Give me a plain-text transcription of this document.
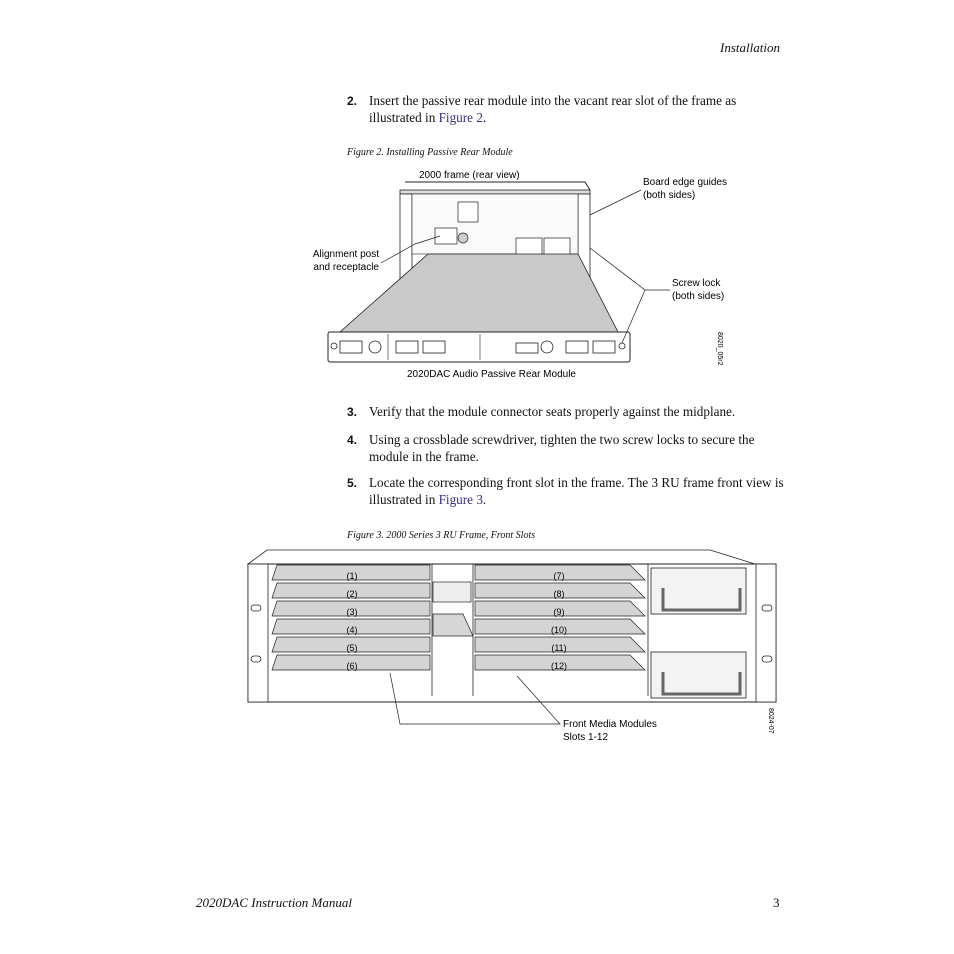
Installation
2. Insert the passive rear module into the vacant rear slot of the frame as illustrated in Figure 2.
Figure 2. Installing Passive Rear Module
2000 frame (rear view)
Board edge guides
(both sides)
Alignment post
and receptacle
Screw lock
(both sides)
2020DAC Audio Passive Rear Module
8020_05r2
3. Verify that the module connector seats properly against the midplane.
4. Using a crossblade screwdriver, tighten the two screw locks to secure the module in the frame.
5. Locate the corresponding front slot in the frame. The 3 RU frame front view is illustrated in Figure 3.
Figure 3. 2000 Series 3 RU Frame, Front Slots
(1)
(2)
(3)
(4)
(5)
(6)
(7)
(8)
(9)
(10)
(11)
(12)
Front Media Modules
Slots 1-12
8024-07
2020DAC Instruction Manual	3
